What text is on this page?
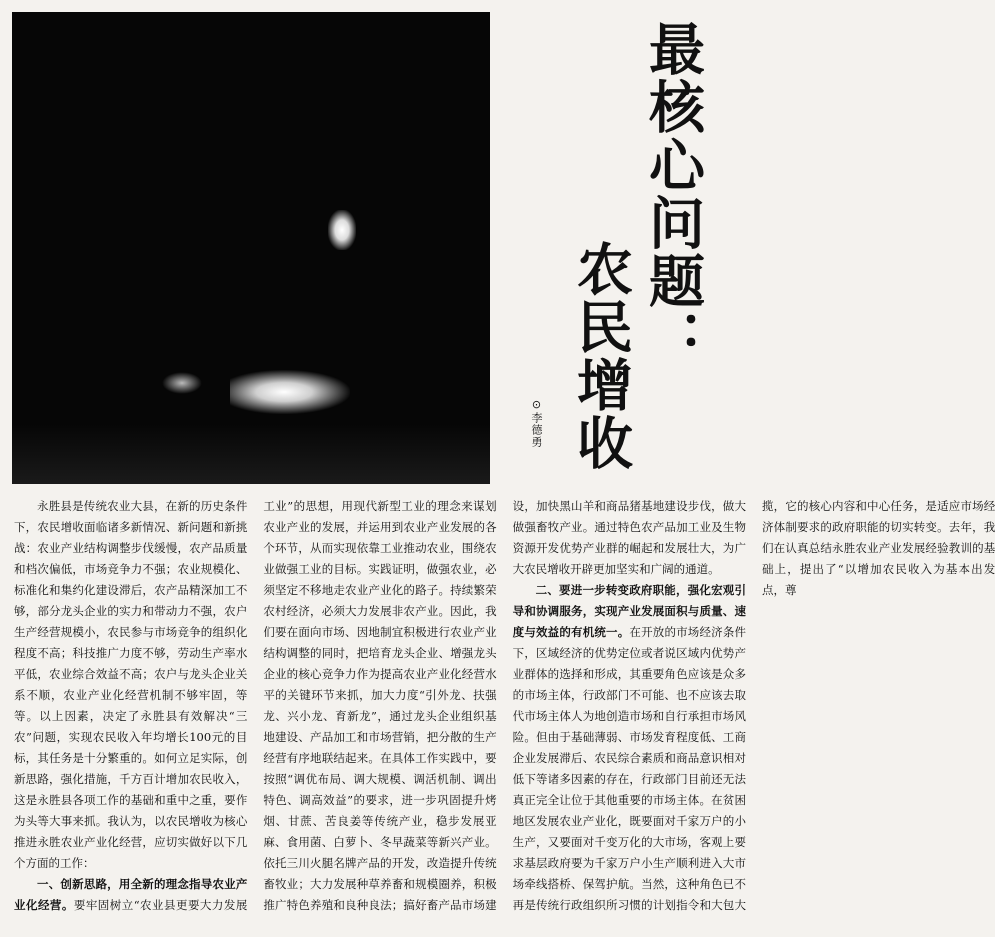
最核心问题：
农民增收
⊙李德勇

永胜县是传统农业大县，在新的历史条件下，农民增收面临诸多新情况、新问题和新挑战：农业产业结构调整步伐缓慢，农产品质量和档次偏低，市场竞争力不强；农业规模化、标准化和集约化建设滞后，农产品精深加工不够，部分龙头企业的实力和带动力不强，农户生产经营规模小，农民参与市场竞争的组织化程度不高；科技推广力度不够，劳动生产率水平低，农业综合效益不高；农户与龙头企业关系不顺，农业产业化经营机制不够牢固，等等。以上因素，决定了永胜县有效解决“三农”问题，实现农民收入年均增长100元的目标，其任务是十分繁重的。如何立足实际，创新思路，强化措施，千方百计增加农民收入，这是永胜县各项工作的基础和重中之重，要作为头等大事来抓。我认为，以农民增收为核心推进永胜农业产业化经营，应切实做好以下几个方面的工作：

一、创新思路，用全新的理念指导农业产业化经营。要牢固树立“农业县更要大力发展工业”的思想，用现代新型工业的理念来谋划农业产业的发展，并运用到农业产业发展的各个环节，从而实现依靠工业推动农业，围绕农业做强工业的目标。实践证明，做强农业，必须坚定不移地走农业产业化的路子。持续繁荣农村经济，必须大力发展非农产业。因此，我们要在面向市场、因地制宜积极进行农业产业结构调整的同时，把培育龙头企业、增强龙头企业的核心竞争力作为提高农业产业化经营水平的关键环节来抓，加大力度“引外龙、扶强龙、兴小龙、育新龙”，通过龙头企业组织基地建设、产品加工和市场营销，把分散的生产经营有序地联结起来。在具体工作实践中，要按照“调优布局、调大规模、调活机制、调出特色、调高效益”的要求，进一步巩固提升烤烟、甘蔗、苦良姜等传统产业，稳步发展亚麻、食用菌、白萝卜、冬早蔬菜等新兴产业。依托三川火腿名牌产品的开发，改造提升传统畜牧业；大力发展种草养畜和规模圈养，积极推广特色养殖和良种良法；搞好畜产品市场建设，加快黑山羊和商品猪基地建设步伐，做大做强畜牧产业。通过特色农产品加工业及生物资源开发优势产业群的崛起和发展壮大，为广大农民增收开辟更加坚实和广阔的通道。

二、要进一步转变政府职能，强化宏观引导和协调服务，实现产业发展面积与质量、速度与效益的有机统一。在开放的市场经济条件下，区域经济的优势定位或者说区域内优势产业群体的选择和形成，其重要角色应该是众多的市场主体，行政部门不可能、也不应该去取代市场主体人为地创造市场和自行承担市场风险。但由于基础薄弱、市场发育程度低、工商企业发展滞后、农民综合素质和商品意识相对低下等诸多因素的存在，行政部门目前还无法真正完全让位于其他重要的市场主体。在贫困地区发展农业产业化，既要面对千家万户的小生产，又要面对千变万化的大市场，客观上要求基层政府要为千家万户小生产顺利进入大市场牵线搭桥、保驾护航。当然，这种角色已不再是传统行政组织所习惯的计划指令和大包大揽，它的核心内容和中心任务，是适应市场经济体制要求的政府职能的切实转变。去年，我们在认真总结永胜农业产业发展经验教训的基础上，提出了“以增加农民收入为基本出发点，尊
